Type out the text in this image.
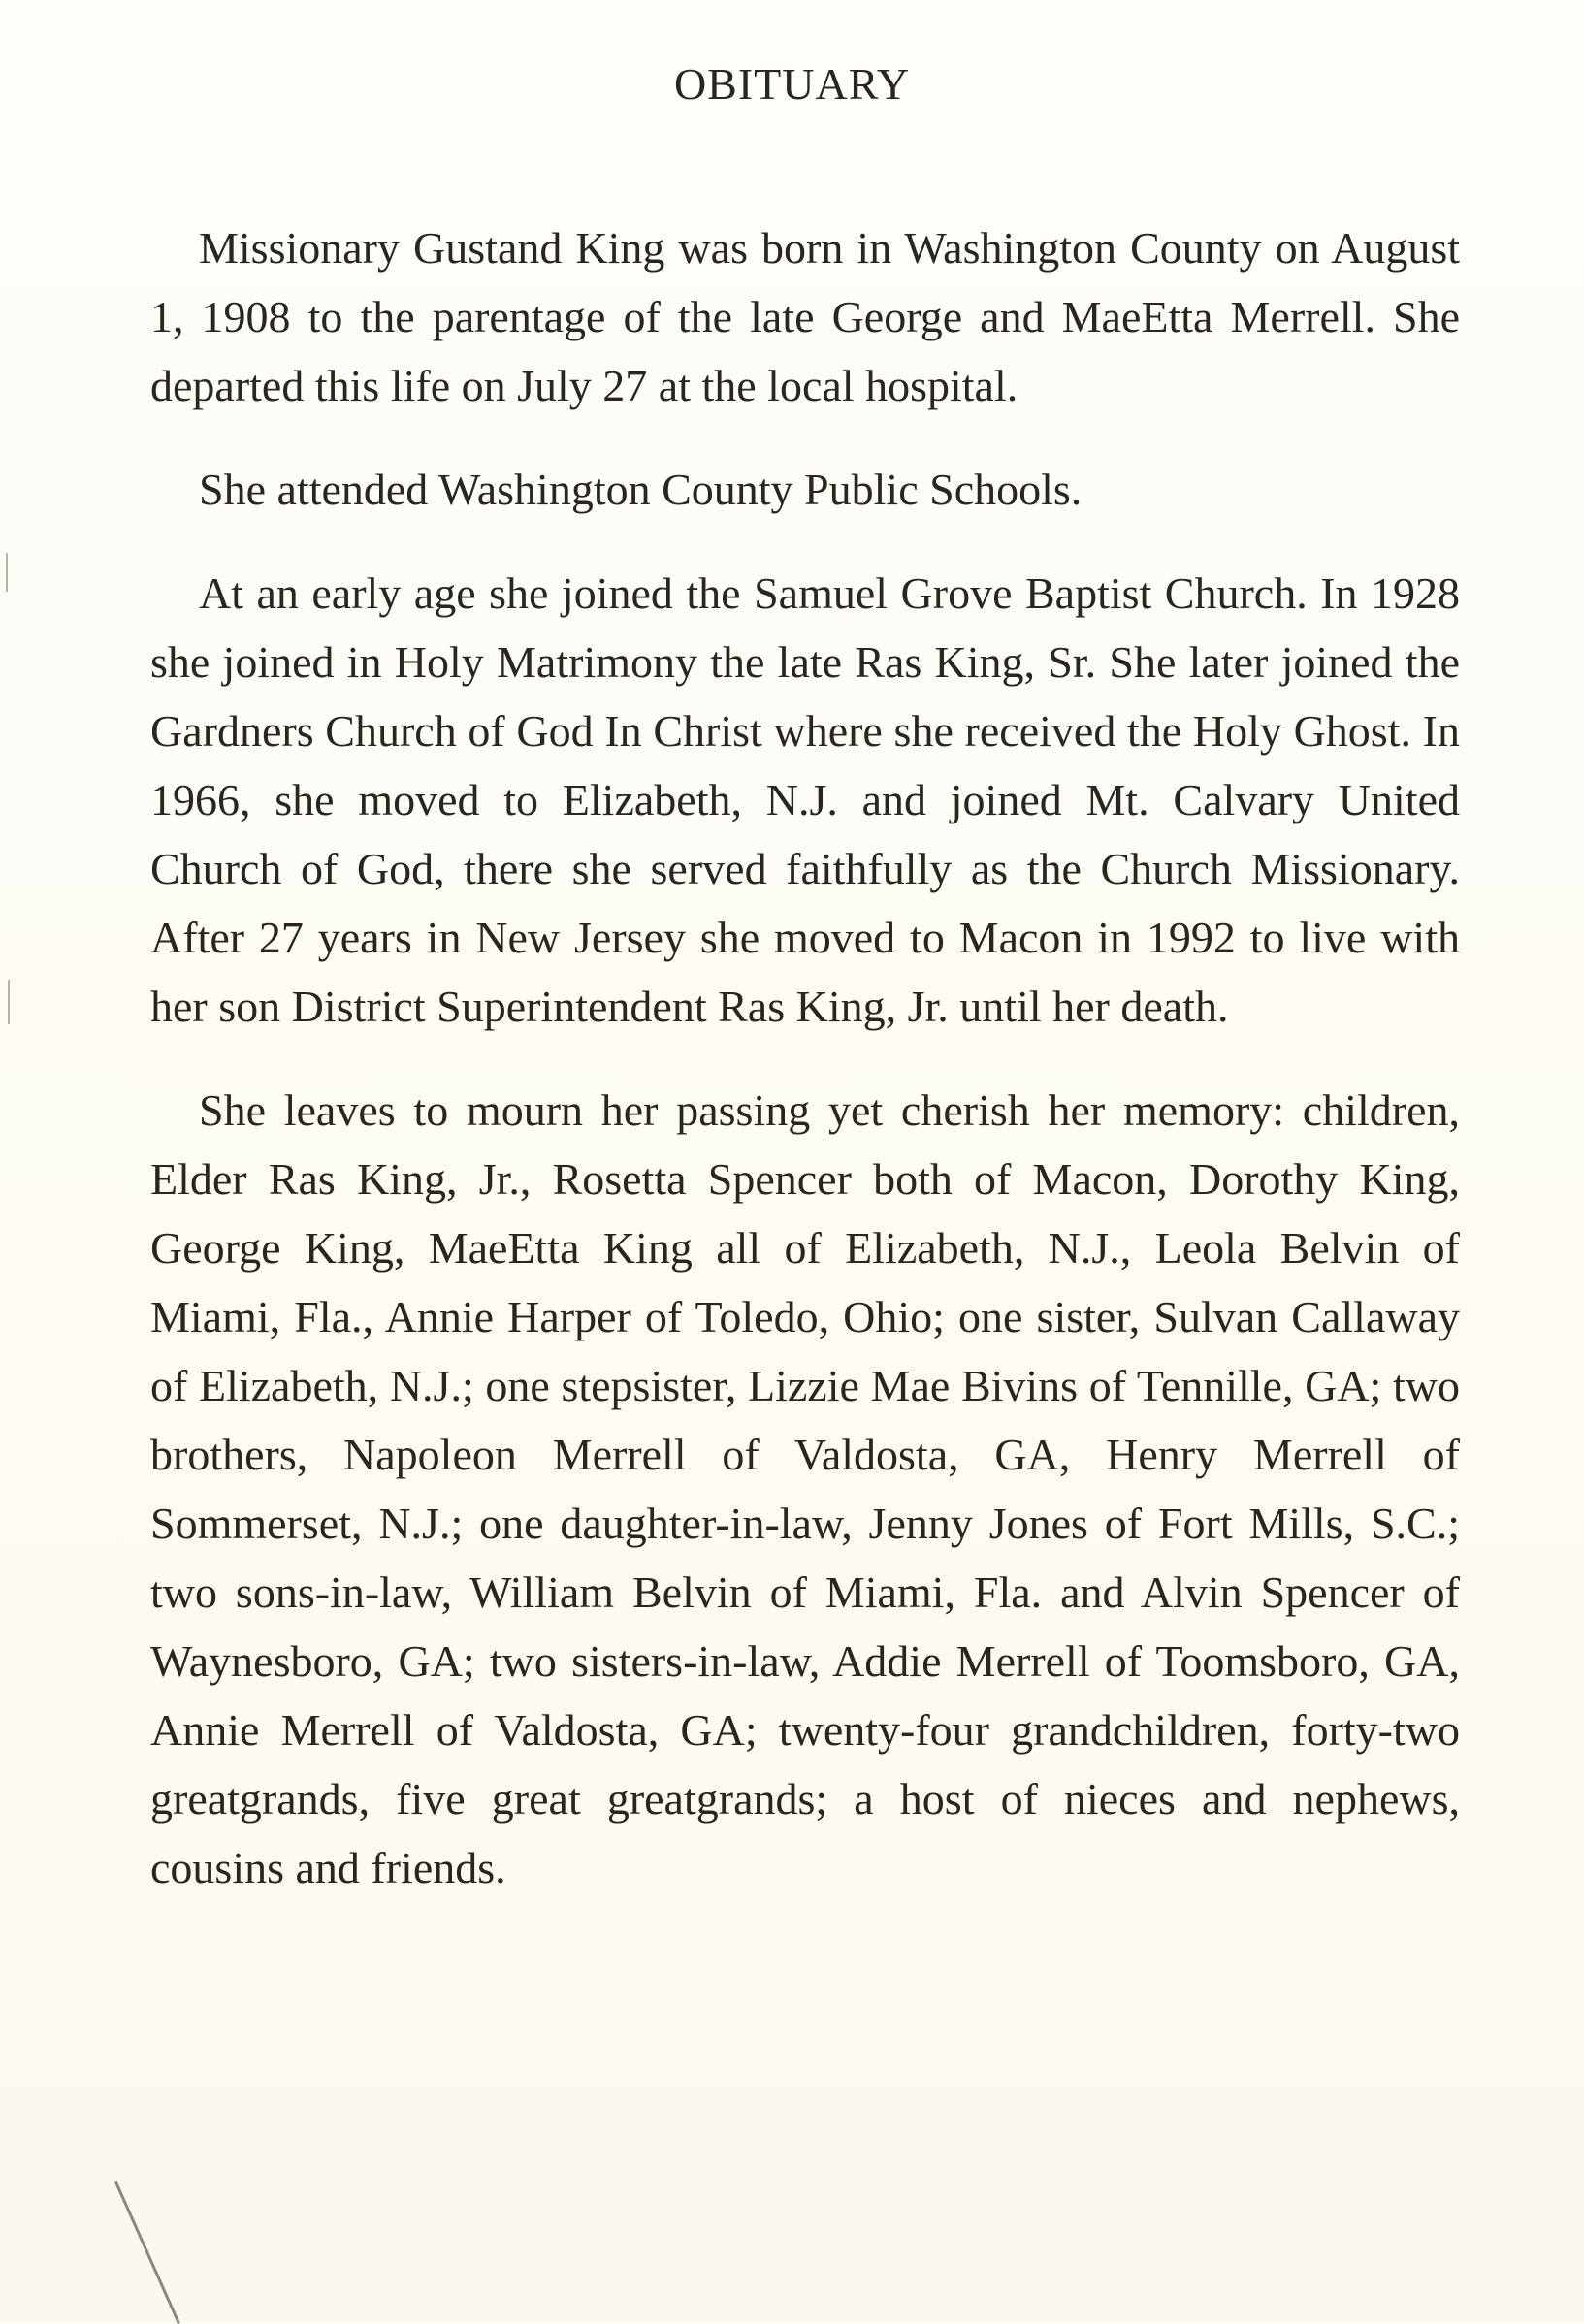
OBITUARY

Missionary Gustand King was born in Washington County on August 1, 1908 to the parentage of the late George and MaeEtta Merrell. She departed this life on July 27 at the local hospital.

She attended Washington County Public Schools.

At an early age she joined the Samuel Grove Baptist Church. In 1928 she joined in Holy Matrimony the late Ras King, Sr. She later joined the Gardners Church of God In Christ where she received the Holy Ghost. In 1966, she moved to Elizabeth, N.J. and joined Mt. Calvary United Church of God, there she served faithfully as the Church Missionary. After 27 years in New Jersey she moved to Macon in 1992 to live with her son District Superintendent Ras King, Jr. until her death.

She leaves to mourn her passing yet cherish her memory: children, Elder Ras King, Jr., Rosetta Spencer both of Macon, Dorothy King, George King, MaeEtta King all of Elizabeth, N.J., Leola Belvin of Miami, Fla., Annie Harper of Toledo, Ohio; one sister, Sulvan Callaway of Elizabeth, N.J.; one stepsister, Lizzie Mae Bivins of Tennille, GA; two brothers, Napoleon Merrell of Valdosta, GA, Henry Merrell of Sommerset, N.J.; one daughter-in-law, Jenny Jones of Fort Mills, S.C.; two sons-in-law, William Belvin of Miami, Fla. and Alvin Spencer of Waynesboro, GA; two sisters-in-law, Addie Merrell of Toomsboro, GA, Annie Merrell of Valdosta, GA; twenty-four grandchildren, forty-two greatgrands, five great greatgrands; a host of nieces and nephews, cousins and friends.
